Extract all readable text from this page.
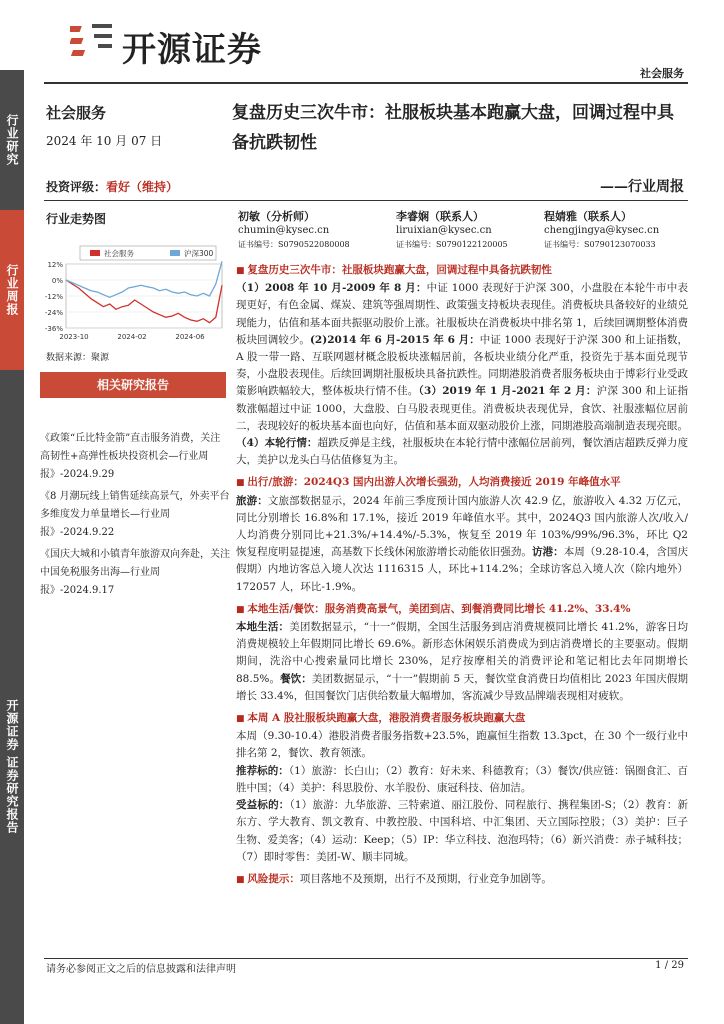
开源证券
社会服务
行业研究
行业周报
开源证券 证券研究报告
社会服务
2024 年 10 月 07 日
复盘历史三次牛市：社服板块基本跑赢大盘，回调过程中具备抗跌韧性
投资评级：看好（维持）	——行业周报
行业走势图
12%
0%
-12%
-24%
-36%
2023-10	2024-02	2024-06
社会服务	沪深300
数据来源：聚源
相关研究报告
《政策“丘比特金箭”直击服务消费，关注高韧性+高弹性板块投资机会—行业周报》-2024.9.29
《8 月潮玩线上销售延续高景气，外卖平台多维度发力单量增长—行业周报》-2024.9.22
《国庆大城和小镇青年旅游双向奔赴，关注中国免税服务出海—行业周报》-2024.9.17
初敏（分析师）
chumin@kysec.cn
证书编号：S0790522080008
李睿娴（联系人）
liruixian@kysec.cn
证书编号：S0790122120005
程婧雅（联系人）
chengjingya@kysec.cn
证书编号：S0790123070033

■ 复盘历史三次牛市：社服板块跑赢大盘，回调过程中具备抗跌韧性

（1）2008 年 10 月-2009 年 8 月：中证 1000 表现好于沪深 300，小盘股在本轮牛市中表现更好，有色金属、煤炭、建筑等强周期性、政策强支持板块表现佳。消费板块具备较好的业绩兑现能力，估值和基本面共振驱动股价上涨。社服板块在消费板块中排名第 1，后续回调期整体消费板块回调较少。(2)2014 年 6 月-2015 年 6 月：中证 1000 表现好于沪深 300 和上证指数，A 股一带一路、互联网题材概念股板块涨幅居前，各板块业绩分化严重，投资先于基本面兑现节奏，小盘股表现佳。后续回调期社服板块具备抗跌性。同期港股消费者服务板块由于博彩行业受政策影响跌幅较大，整体板块行情不佳。（3）2019 年 1 月-2021 年 2 月：沪深 300 和上证指数涨幅超过中证 1000，大盘股、白马股表现更佳。消费板块表现优异，食饮、社服涨幅位居前二，表现较好的板块基本面也向好，估值和基本面双驱动股价上涨，同期港股高端制造表现亮眼。（4）本轮行情：超跌反弹是主线，社服板块在本轮行情中涨幅位居前列，餐饮酒店超跌反弹力度大，美护以龙头白马估值修复为主。

■ 出行/旅游：2024Q3 国内出游人次增长强劲，人均消费接近 2019 年峰值水平

旅游：文旅部数据显示，2024 年前三季度预计国内旅游人次 42.9 亿，旅游收入 4.32 万亿元，同比分别增长 16.8%和 17.1%，接近 2019 年峰值水平。其中，2024Q3 国内旅游人次/收入/人均消费分别同比+21.3%/+14.4%/-5.3%，恢复至 2019 年 103%/99%/96.3%，环比 Q2 恢复程度明显提速，高基数下长线休闲旅游增长动能依旧强劲。访港：本周（9.28-10.4，含国庆假期）内地访客总入境人次达 1116315 人，环比+114.2%；全球访客总入境人次（除内地外）172057 人，环比-1.9%。

■ 本地生活/餐饮：服务消费高景气，美团到店、到餐消费同比增长 41.2%、33.4%

本地生活：美团数据显示，“十一”假期，全国生活服务到店消费规模同比增长 41.2%，游客日均消费规模较上年假期同比增长 69.6%。新形态休闲娱乐消费成为到店消费增长的主要驱动。假期期间，洗浴中心搜索量同比增长 230%，足疗按摩相关的消费评论和笔记相比去年同期增长 88.5%。餐饮：美团数据显示，“十一”假期前 5 天，餐饮堂食消费日均值相比 2023 年国庆假期增长 33.4%，但国餐饮门店供给数量大幅增加，客流减少导致品牌端表现相对疲软。

■ 本周 A 股社服板块跑赢大盘，港股消费者服务板块跑赢大盘

本周（9.30-10.4）港股消费者服务指数+23.5%，跑赢恒生指数 13.3pct，在 30 个一级行业中排名第 2，餐饮、教育领涨。

推荐标的：（1）旅游：长白山；（2）教育：好未来、科德教育；（3）餐饮/供应链：锅圈食汇、百胜中国；（4）美护：科思股份、水羊股份、康冠科技、倍加洁。

受益标的：（1）旅游：九华旅游、三特索道、丽江股份、同程旅行、携程集团-S；（2）教育：新东方、学大教育、凯文教育、中教控股、中国科培、中汇集团、天立国际控股；（3）美护：巨子生物、爱美客；（4）运动：Keep；（5）IP：华立科技、泡泡玛特；（6）新兴消费：赤子城科技；（7）即时零售：美团-W、顺丰同城。

■ 风险提示：项目落地不及预期，出行不及预期，行业竞争加剧等。

请务必参阅正文之后的信息披露和法律声明	1 / 29
